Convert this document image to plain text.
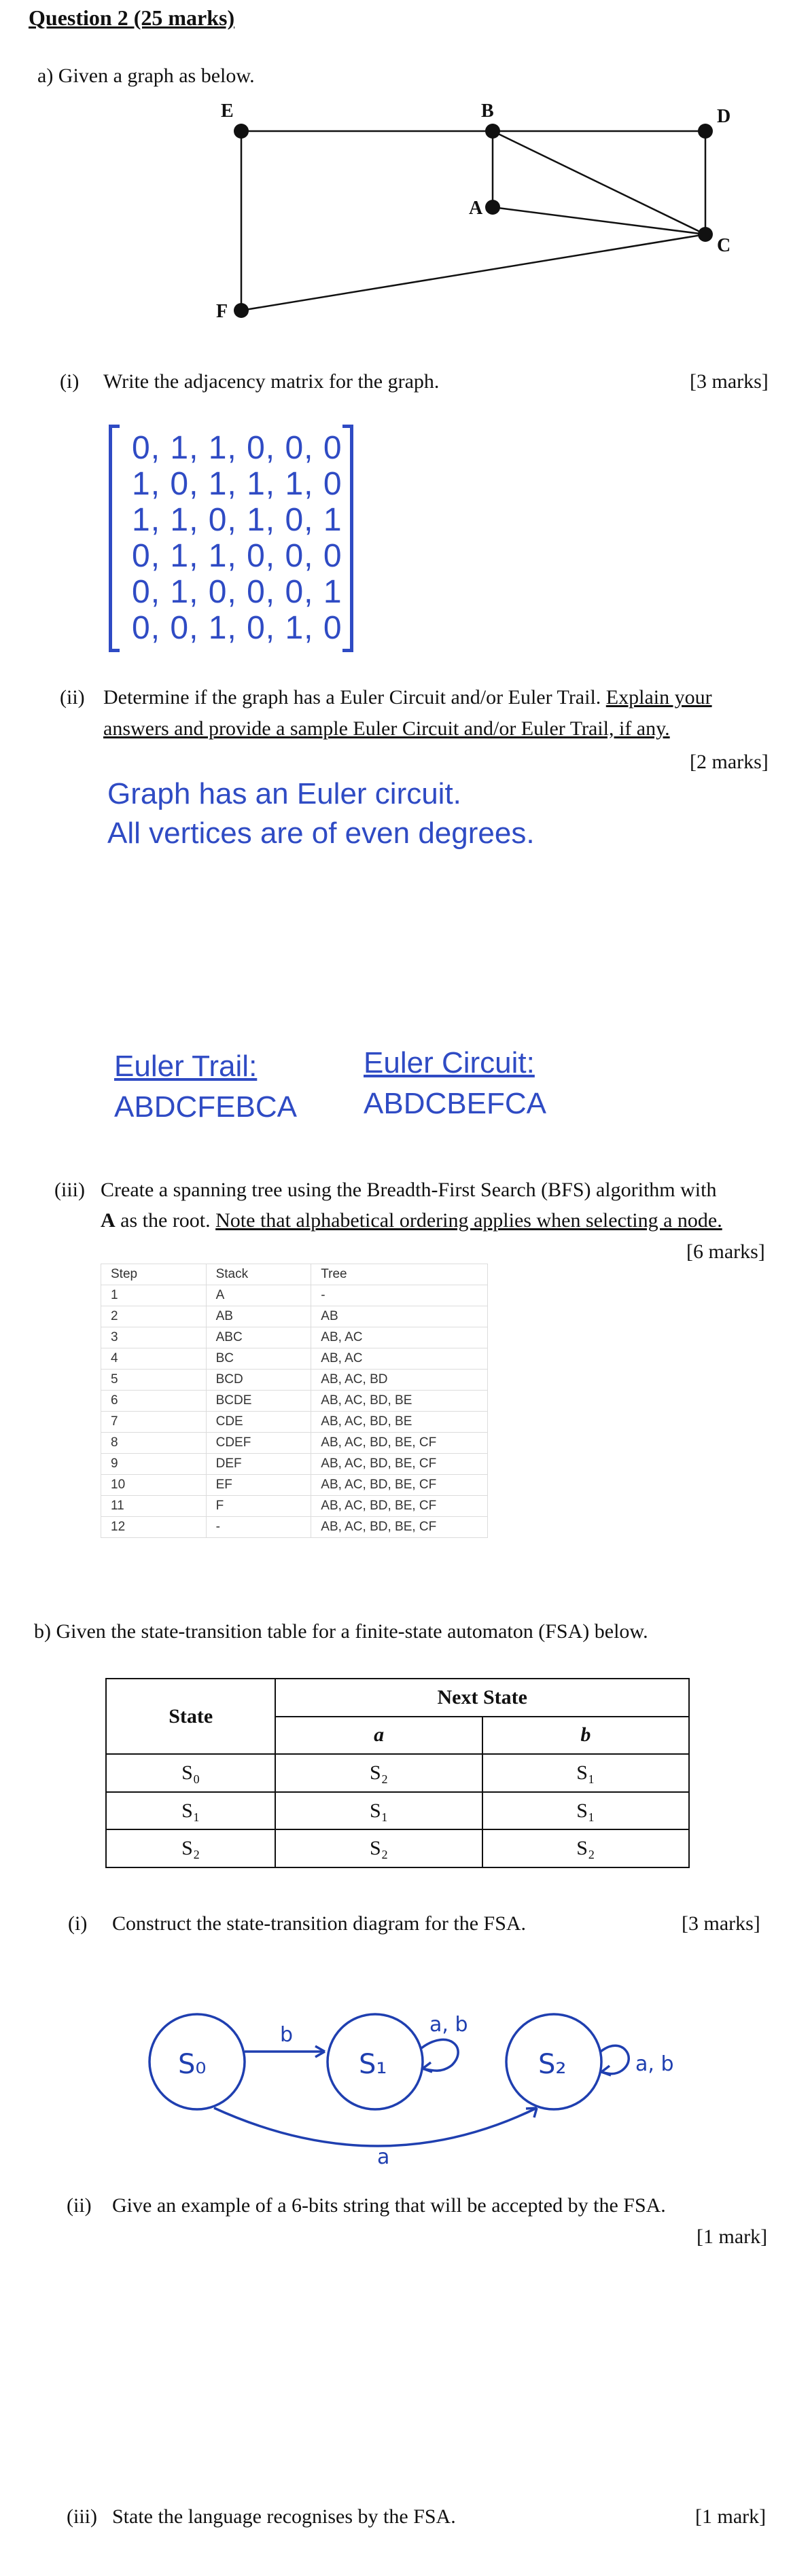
Question 2 (25 marks)
a) Given a graph as below.
E	B	D
A
C
F
(i) Write the adjacency matrix for the graph.	[3 marks]
0, 1, 1, 0, 0, 0
1, 0, 1, 1, 1, 0
1, 1, 0, 1, 0, 1
0, 1, 1, 0, 0, 0
0, 1, 0, 0, 0, 1
0, 0, 1, 0, 1, 0
(ii) Determine if the graph has a Euler Circuit and/or Euler Trail. Explain your
answers and provide a sample Euler Circuit and/or Euler Trail, if any.
[2 marks]
Graph has an Euler circuit.
All vertices are of even degrees.
Euler Trail:
ABDCFEBCA
Euler Circuit:
ABDCBEFCA
(iii) Create a spanning tree using the Breadth-First Search (BFS) algorithm with
A as the root. Note that alphabetical ordering applies when selecting a node.
[6 marks]
Step	Stack	Tree
1	A	-
2	AB	AB
3	ABC	AB, AC
4	BC	AB, AC
5	BCD	AB, AC, BD
6	BCDE	AB, AC, BD, BE
7	CDE	AB, AC, BD, BE
8	CDEF	AB, AC, BD, BE, CF
9	DEF	AB, AC, BD, BE, CF
10	EF	AB, AC, BD, BE, CF
11	F	AB, AC, BD, BE, CF
12	-	AB, AC, BD, BE, CF
b) Given the state-transition table for a finite-state automaton (FSA) below.
State	Next State	
	a	b
S₀	S₂	S₁
S₁	S₁	S₁
S₂	S₂	S₂
(i) Construct the state-transition diagram for the FSA.	[3 marks]
S₀	S₁	S₂
b
a
a, b
a, b
(ii) Give an example of a 6-bits string that will be accepted by the FSA.
[1 mark]
(iii) State the language recognises by the FSA.	[1 mark]
